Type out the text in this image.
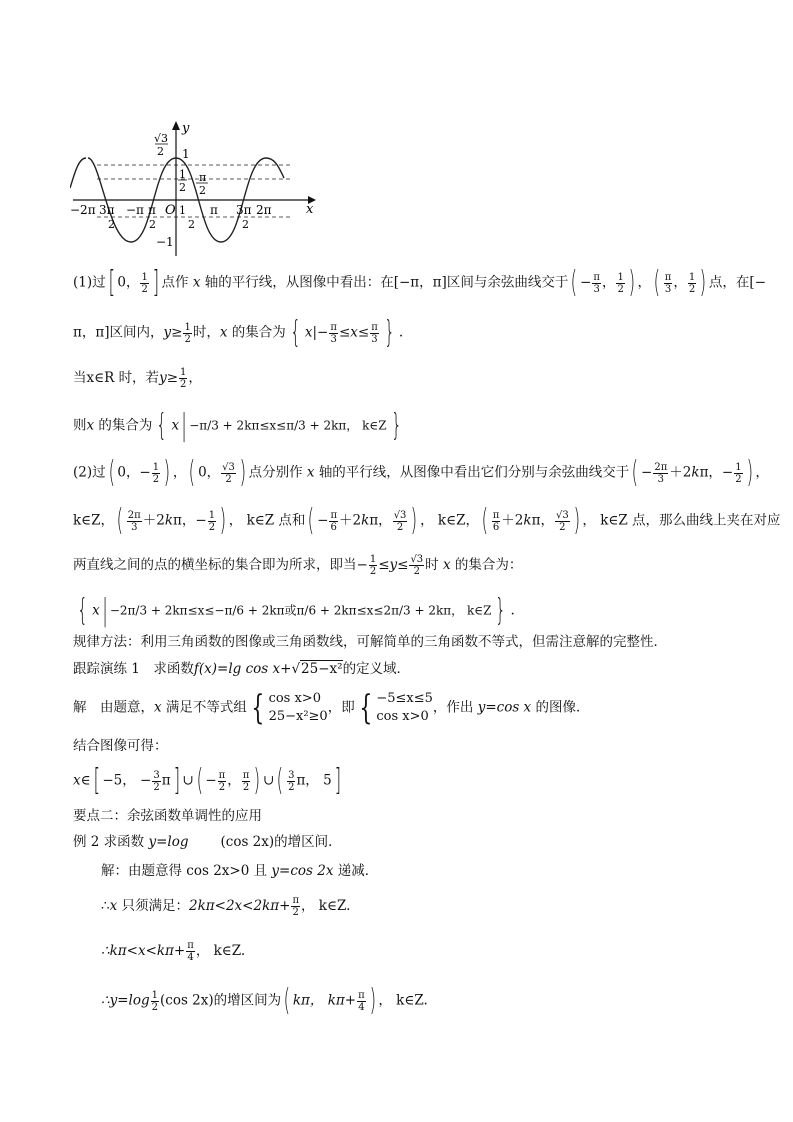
y
x
O
√3
2 1
1
2
π
2
−1
−2π 3π
2
−π π
2
1
2
π 3π
2
2π
(1)过[ 0， $\frac{1}{2}$ ] 点作 x 轴的平行线，从图像中看出：在[−π，π]区间与余弦曲线交于( − $\frac{\pi}{3}$ ， $\frac{1}{2}$ ) ，( $\frac{\pi}{3}$ ， $\frac{1}{2}$ ) 点，在[−
π，π]区间内，$y\ge \frac{1}{2}$ 时，x 的集合为 { $x|- \frac{\pi}{3} \le x\le \frac{\pi}{3}$ } .
当x∈R 时，若$y\ge \frac{1}{2}$ ，
则x 的集合为 { x| −π/3 + 2kπ≤x≤π/3 + 2kπ， k∈Z }
(2)过( 0，− $\frac{1}{2}$ ) ，( 0， $\frac{√3}{2}$ ) 点分别作 x 轴的平行线，从图像中看出它们分别与余弦曲线交于( − $\frac{2\pi}{3} +2k\pi$，− $\frac{1}{2}$ ) ，
k∈Z，( $\frac{2\pi}{3} +2k\pi$，− $\frac{1}{2}$ ) ， k∈Z 点和( − $\frac{\pi}{6} +2k\pi$， $\frac{√3}{2}$ ) ， k∈Z，( $\frac{\pi}{6} +2k\pi$， $\frac{√3}{2}$ ) ， k∈Z 点，那么曲线上夹在对应
两直线之间的点的横坐标的集合即为所求，即当− $\frac{1}{2} \le y\le \frac{√3}{2}$ 时 x 的集合为：
{ x| −2π/3 + 2kπ≤x≤−π/6 + 2kπ或π/6 + 2kπ≤x≤2π/3 + 2kπ， k∈Z } .
规律方法：利用三角函数的图像或三角函数线，可解简单的三角函数不等式，但需注意解的完整性．
跟踪演练 1　求函数f(x)=lg cos x+√25−x²的定义域．
解　由题意，x 满足不等式组 { cos x>0
25−x²≥0
，即 { −5≤x≤5
cos x>0
，作出 y=cos x 的图像．
结合图像可得：
x∈[ −5， − $\frac{3}{2} \pi$] ∪( − $\frac{\pi}{2}$ ， $\frac{\pi}{2}$ ) ∪( $\frac{3}{2}$ π， 5]
要点二：余弦函数单调性的应用
例 2 求函数 y=log (cos 2x)的增区间．
解：由题意得 cos 2x>0 且 y=cos 2x 递减．
∴x 只须满足：$2k\pi<2x<2k\pi+ \frac{\pi}{2}$ ， k∈Z.
∴kπ<x<kπ+ $\frac{\pi}{4}$ ， k∈Z.
∴y=log $\frac{1}{2} (\cos$ 2x)的增区间为( kπ， $k\pi+ \frac{\pi}{4}$ ) ， k∈Z.
